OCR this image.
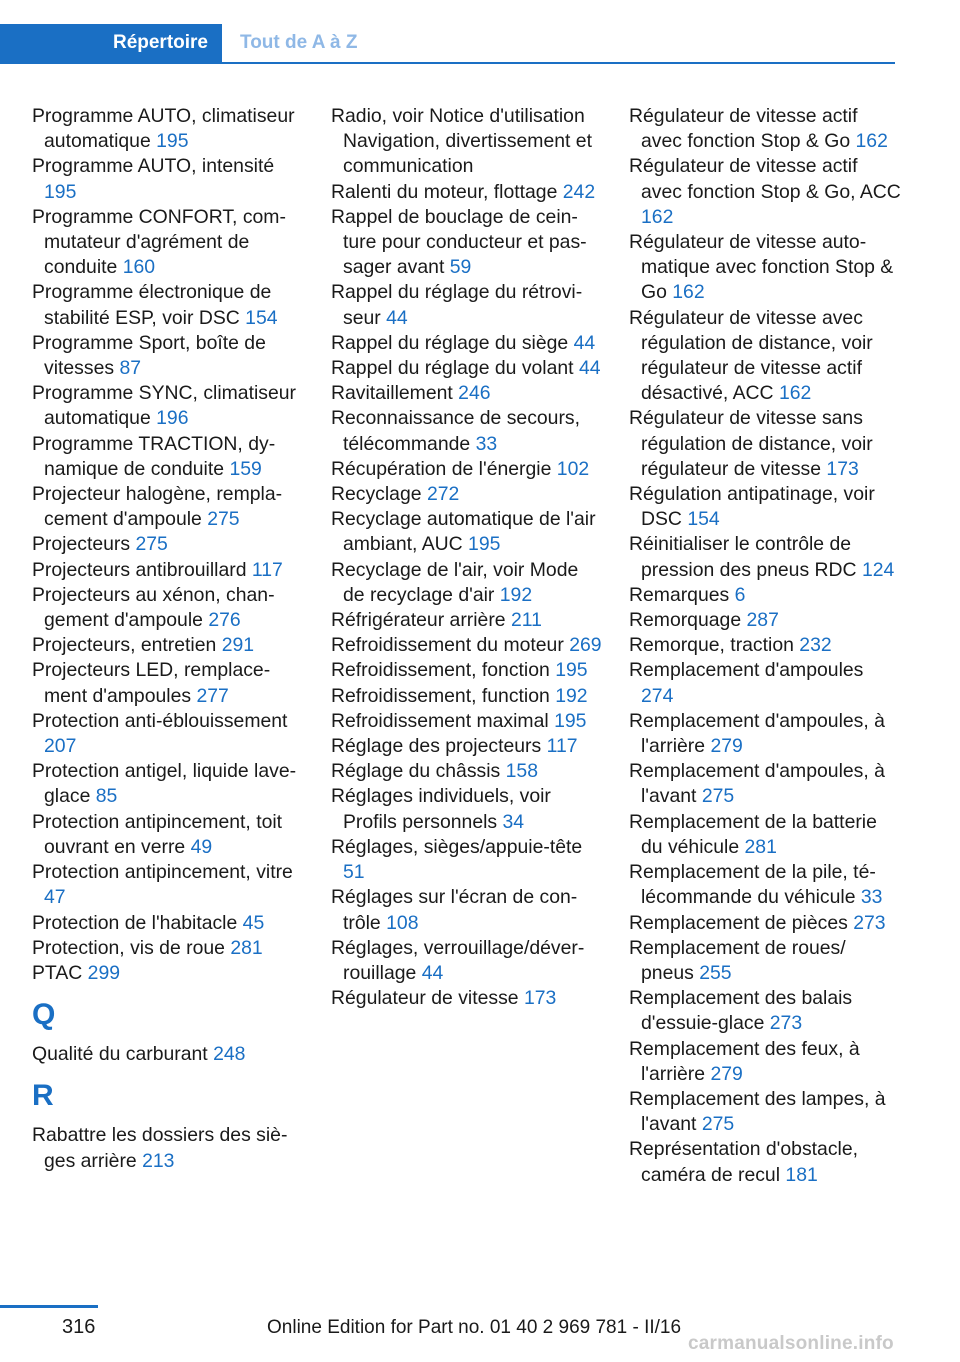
Répertoire	Tout de A à Z
Programme AUTO, climatiseur automatique 195
Programme AUTO, intensité 195
Programme CONFORT, commutateur d'agrément de conduite 160
Programme électronique de stabilité ESP, voir DSC 154
Programme Sport, boîte de vitesses 87
Programme SYNC, climatiseur automatique 196
Programme TRACTION, dynamique de conduite 159
Projecteur halogène, remplacement d'ampoule 275
Projecteurs 275
Projecteurs antibrouillard 117
Projecteurs au xénon, changement d'ampoule 276
Projecteurs, entretien 291
Projecteurs LED, remplacement d'ampoules 277
Protection anti-éblouissement 207
Protection antigel, liquide lave-glace 85
Protection antipincement, toit ouvrant en verre 49
Protection antipincement, vitre 47
Protection de l'habitacle 45
Protection, vis de roue 281
PTAC 299
Q
Qualité du carburant 248
R
Rabattre les dossiers des sièges arrière 213
Radio, voir Notice d'utilisation Navigation, divertissement et communication
Ralenti du moteur, flottage 242
Rappel de bouclage de ceinture pour conducteur et passager avant 59
Rappel du réglage du rétroviseur 44
Rappel du réglage du siège 44
Rappel du réglage du volant 44
Ravitaillement 246
Reconnaissance de secours, télécommande 33
Récupération de l'énergie 102
Recyclage 272
Recyclage automatique de l'air ambiant, AUC 195
Recyclage de l'air, voir Mode de recyclage d'air 192
Réfrigérateur arrière 211
Refroidissement du moteur 269
Refroidissement, fonction 195
Refroidissement, function 192
Refroidissement maximal 195
Réglage des projecteurs 117
Réglage du châssis 158
Réglages individuels, voir Profils personnels 34
Réglages, sièges/appuie-tête 51
Réglages sur l'écran de contrôle 108
Réglages, verrouillage/déverrouillage 44
Régulateur de vitesse 173
Régulateur de vitesse actif avec fonction Stop & Go 162
Régulateur de vitesse actif avec fonction Stop & Go, ACC 162
Régulateur de vitesse automatique avec fonction Stop & Go 162
Régulateur de vitesse avec régulation de distance, voir régulateur de vitesse actif désactivé, ACC 162
Régulateur de vitesse sans régulation de distance, voir régulateur de vitesse 173
Régulation antipatinage, voir DSC 154
Réinitialiser le contrôle de pression des pneus RDC 124
Remarques 6
Remorquage 287
Remorque, traction 232
Remplacement d'ampoules 274
Remplacement d'ampoules, à l'arrière 279
Remplacement d'ampoules, à l'avant 275
Remplacement de la batterie du véhicule 281
Remplacement de la pile, télécommande du véhicule 33
Remplacement de pièces 273
Remplacement de roues/ pneus 255
Remplacement des balais d'essuie-glace 273
Remplacement des feux, à l'arrière 279
Remplacement des lampes, à l'avant 275
Représentation d'obstacle, caméra de recul 181
316	Online Edition for Part no. 01 40 2 969 781 - II/16
carmanualsonline.info
